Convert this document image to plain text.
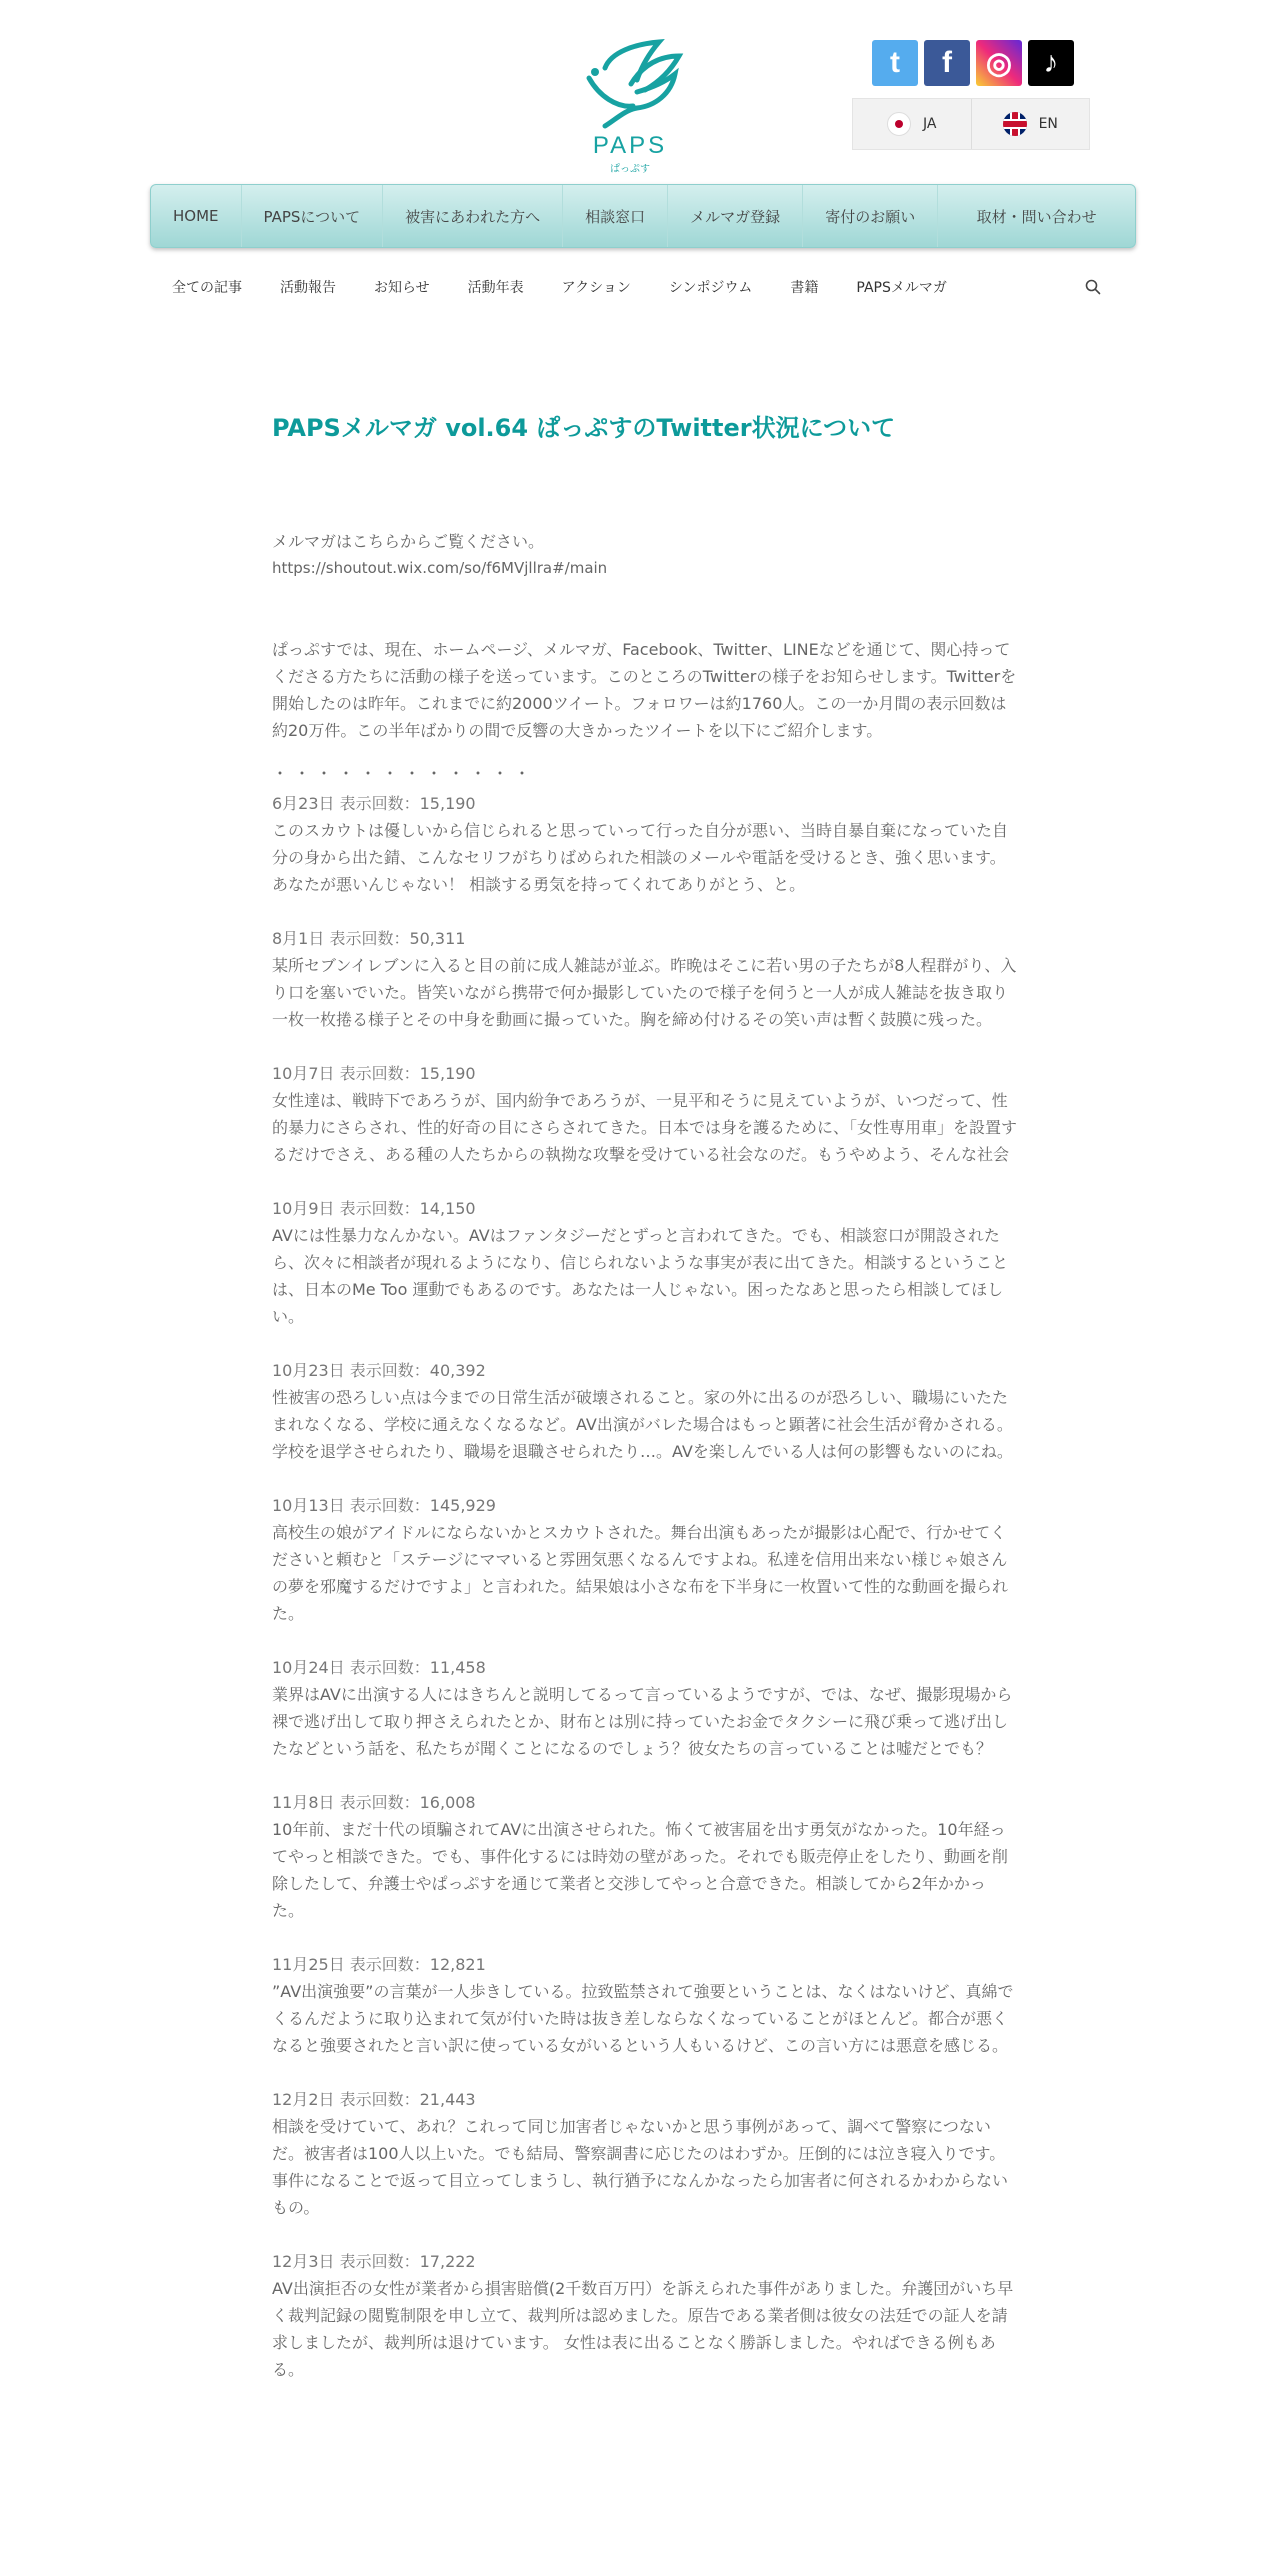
PAPS
ぱっぷす
t	f	◎	♪
JA	EN
HOME	PAPSについて	被害にあわれた方へ	相談窓口	メルマガ登録	寄付のお願い	取材・問い合わせ
全ての記事	活動報告	お知らせ	活動年表	アクション	シンポジウム	書籍	PAPSメルマガ
PAPSメルマガ vol.64 ぱっぷすのTwitter状況について
メルマガはこちらからご覧ください。
https://shoutout.wix.com/so/f6MVjllra#/main
ぱっぷすでは、現在、ホームページ、メルマガ、Facebook、Twitter、LINEなどを通じて、関心持ってくださる方たちに活動の様子を送っています。このところのTwitterの様子をお知らせします。Twitterを開始したのは昨年。これまでに約2000ツイート。フォロワーは約1760人。この一か月間の表示回数は約20万件。この半年ばかりの間で反響の大きかったツイートを以下にご紹介します。
・・・・・・・・・・・・
6月23日 表示回数：15,190
このスカウトは優しいから信じられると思っていって行った自分が悪い、当時自暴自棄になっていた自分の身から出た錆、こんなセリフがちりばめられた相談のメールや電話を受けるとき、強く思います。あなたが悪いんじゃない！ 相談する勇気を持ってくれてありがとう、と。
8月1日 表示回数：50,311
某所セブンイレブンに入ると目の前に成人雑誌が並ぶ。昨晩はそこに若い男の子たちが8人程群がり、入り口を塞いでいた。皆笑いながら携帯で何か撮影していたので様子を伺うと一人が成人雑誌を抜き取り一枚一枚捲る様子とその中身を動画に撮っていた。胸を締め付けるその笑い声は暫く鼓膜に残った。
10月7日 表示回数：15,190
女性達は、戦時下であろうが、国内紛争であろうが、一見平和そうに見えていようが、いつだって、性的暴力にさらされ、性的好奇の目にさらされてきた。日本では身を護るために、「女性専用車」を設置するだけでさえ、ある種の人たちからの執拗な攻撃を受けている社会なのだ。もうやめよう、そんな社会
10月9日 表示回数：14,150
AVには性暴力なんかない。AVはファンタジーだとずっと言われてきた。でも、相談窓口が開設されたら、次々に相談者が現れるようになり、信じられないような事実が表に出てきた。相談するということは、日本のMe Too 運動でもあるのです。あなたは一人じゃない。困ったなあと思ったら相談してほしい。
10月23日 表示回数：40,392
性被害の恐ろしい点は今までの日常生活が破壊されること。家の外に出るのが恐ろしい、職場にいたたまれなくなる、学校に通えなくなるなど。AV出演がバレた場合はもっと顕著に社会生活が脅かされる。学校を退学させられたり、職場を退職させられたり…。AVを楽しんでいる人は何の影響もないのにね。
10月13日 表示回数：145,929
高校生の娘がアイドルにならないかとスカウトされた。舞台出演もあったが撮影は心配で、行かせてくださいと頼むと「ステージにママいると雰囲気悪くなるんですよね。私達を信用出来ない様じゃ娘さんの夢を邪魔するだけですよ」と言われた。結果娘は小さな布を下半身に一枚置いて性的な動画を撮られた。
10月24日 表示回数：11,458
業界はAVに出演する人にはきちんと説明してるって言っているようですが、では、なぜ、撮影現場から裸で逃げ出して取り押さえられたとか、財布とは別に持っていたお金でタクシーに飛び乗って逃げ出したなどという話を、私たちが聞くことになるのでしょう？彼女たちの言っていることは嘘だとでも？
11月8日 表示回数：16,008
10年前、まだ十代の頃騙されてAVに出演させられた。怖くて被害届を出す勇気がなかった。10年経ってやっと相談できた。でも、事件化するには時効の壁があった。それでも販売停止をしたり、動画を削除したして、弁護士やぱっぷすを通じて業者と交渉してやっと合意できた。相談してから2年かかった。
11月25日 表示回数：12,821
”AV出演強要”の言葉が一人歩きしている。拉致監禁されて強要ということは、なくはないけど、真綿でくるんだように取り込まれて気が付いた時は抜き差しならなくなっていることがほとんど。都合が悪くなると強要されたと言い訳に使っている女がいるという人もいるけど、この言い方には悪意を感じる。
12月2日 表示回数：21,443
相談を受けていて、あれ？これって同じ加害者じゃないかと思う事例があって、調べて警察につないだ。被害者は100人以上いた。でも結局、警察調書に応じたのはわずか。圧倒的には泣き寝入りです。事件になることで返って目立ってしまうし、執行猶予になんかなったら加害者に何されるかわからないもの。
12月3日 表示回数：17,222
AV出演拒否の女性が業者から損害賠償(2千数百万円）を訴えられた事件がありました。弁護団がいち早く裁判記録の閲覧制限を申し立て、裁判所は認めました。原告である業者側は彼女の法廷での証人を請求しましたが、裁判所は退けています。 女性は表に出ることなく勝訴しました。やればできる例もある。
